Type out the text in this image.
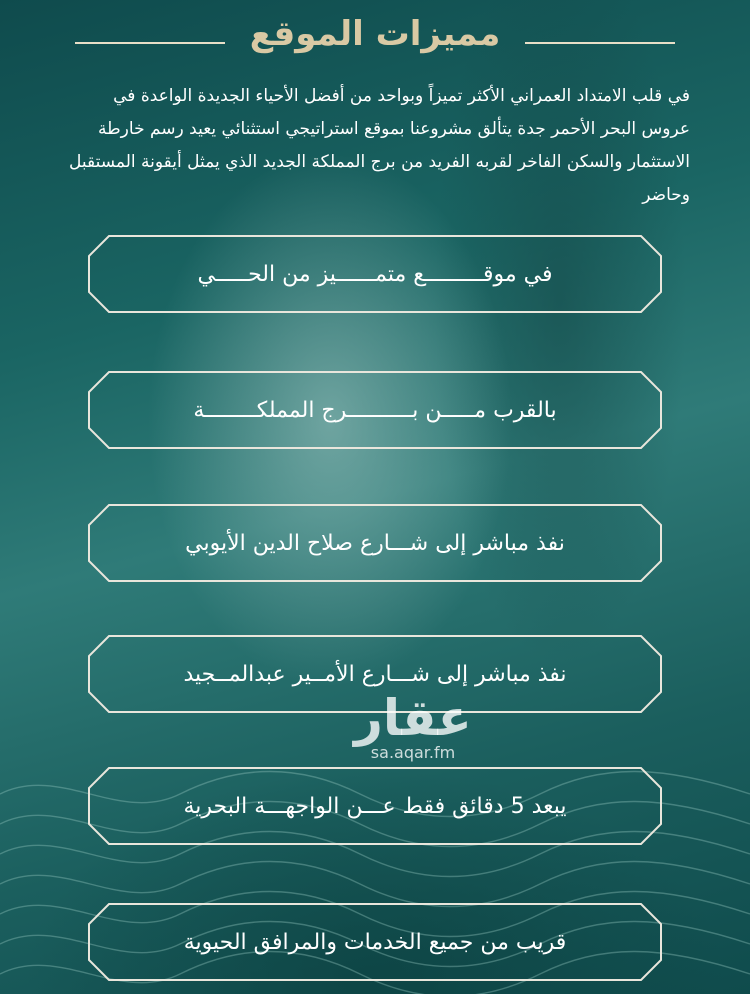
مميزات الموقع
في قلب الامتداد العمراني الأكثر تميزاً وبواحد من أفضل الأحياء الجديدة الواعدة في عروس البحر الأحمر جدة يتألق مشروعنا بموقع استراتيجي استثنائي يعيد رسم خارطة الاستثمار والسكن الفاخر لقربه الفريد من برج المملكة الجديد الذي يمثل أيقونة المستقبل وحاضر
في موقـــــــــع متمــــــيز من الحـــــي
بالقرب مـــــن بــــــــــرج المملكــــــــة
نفذ مباشر إلى شـــارع صلاح الدين الأيوبي
نفذ مباشر إلى شـــارع الأمــير عبدالمــجيد
يبعد 5 دقائق فقط عـــن الواجهـــة البحرية
قريب من جميع الخدمات والمرافق الحيوية
عقار
sa.aqar.fm
